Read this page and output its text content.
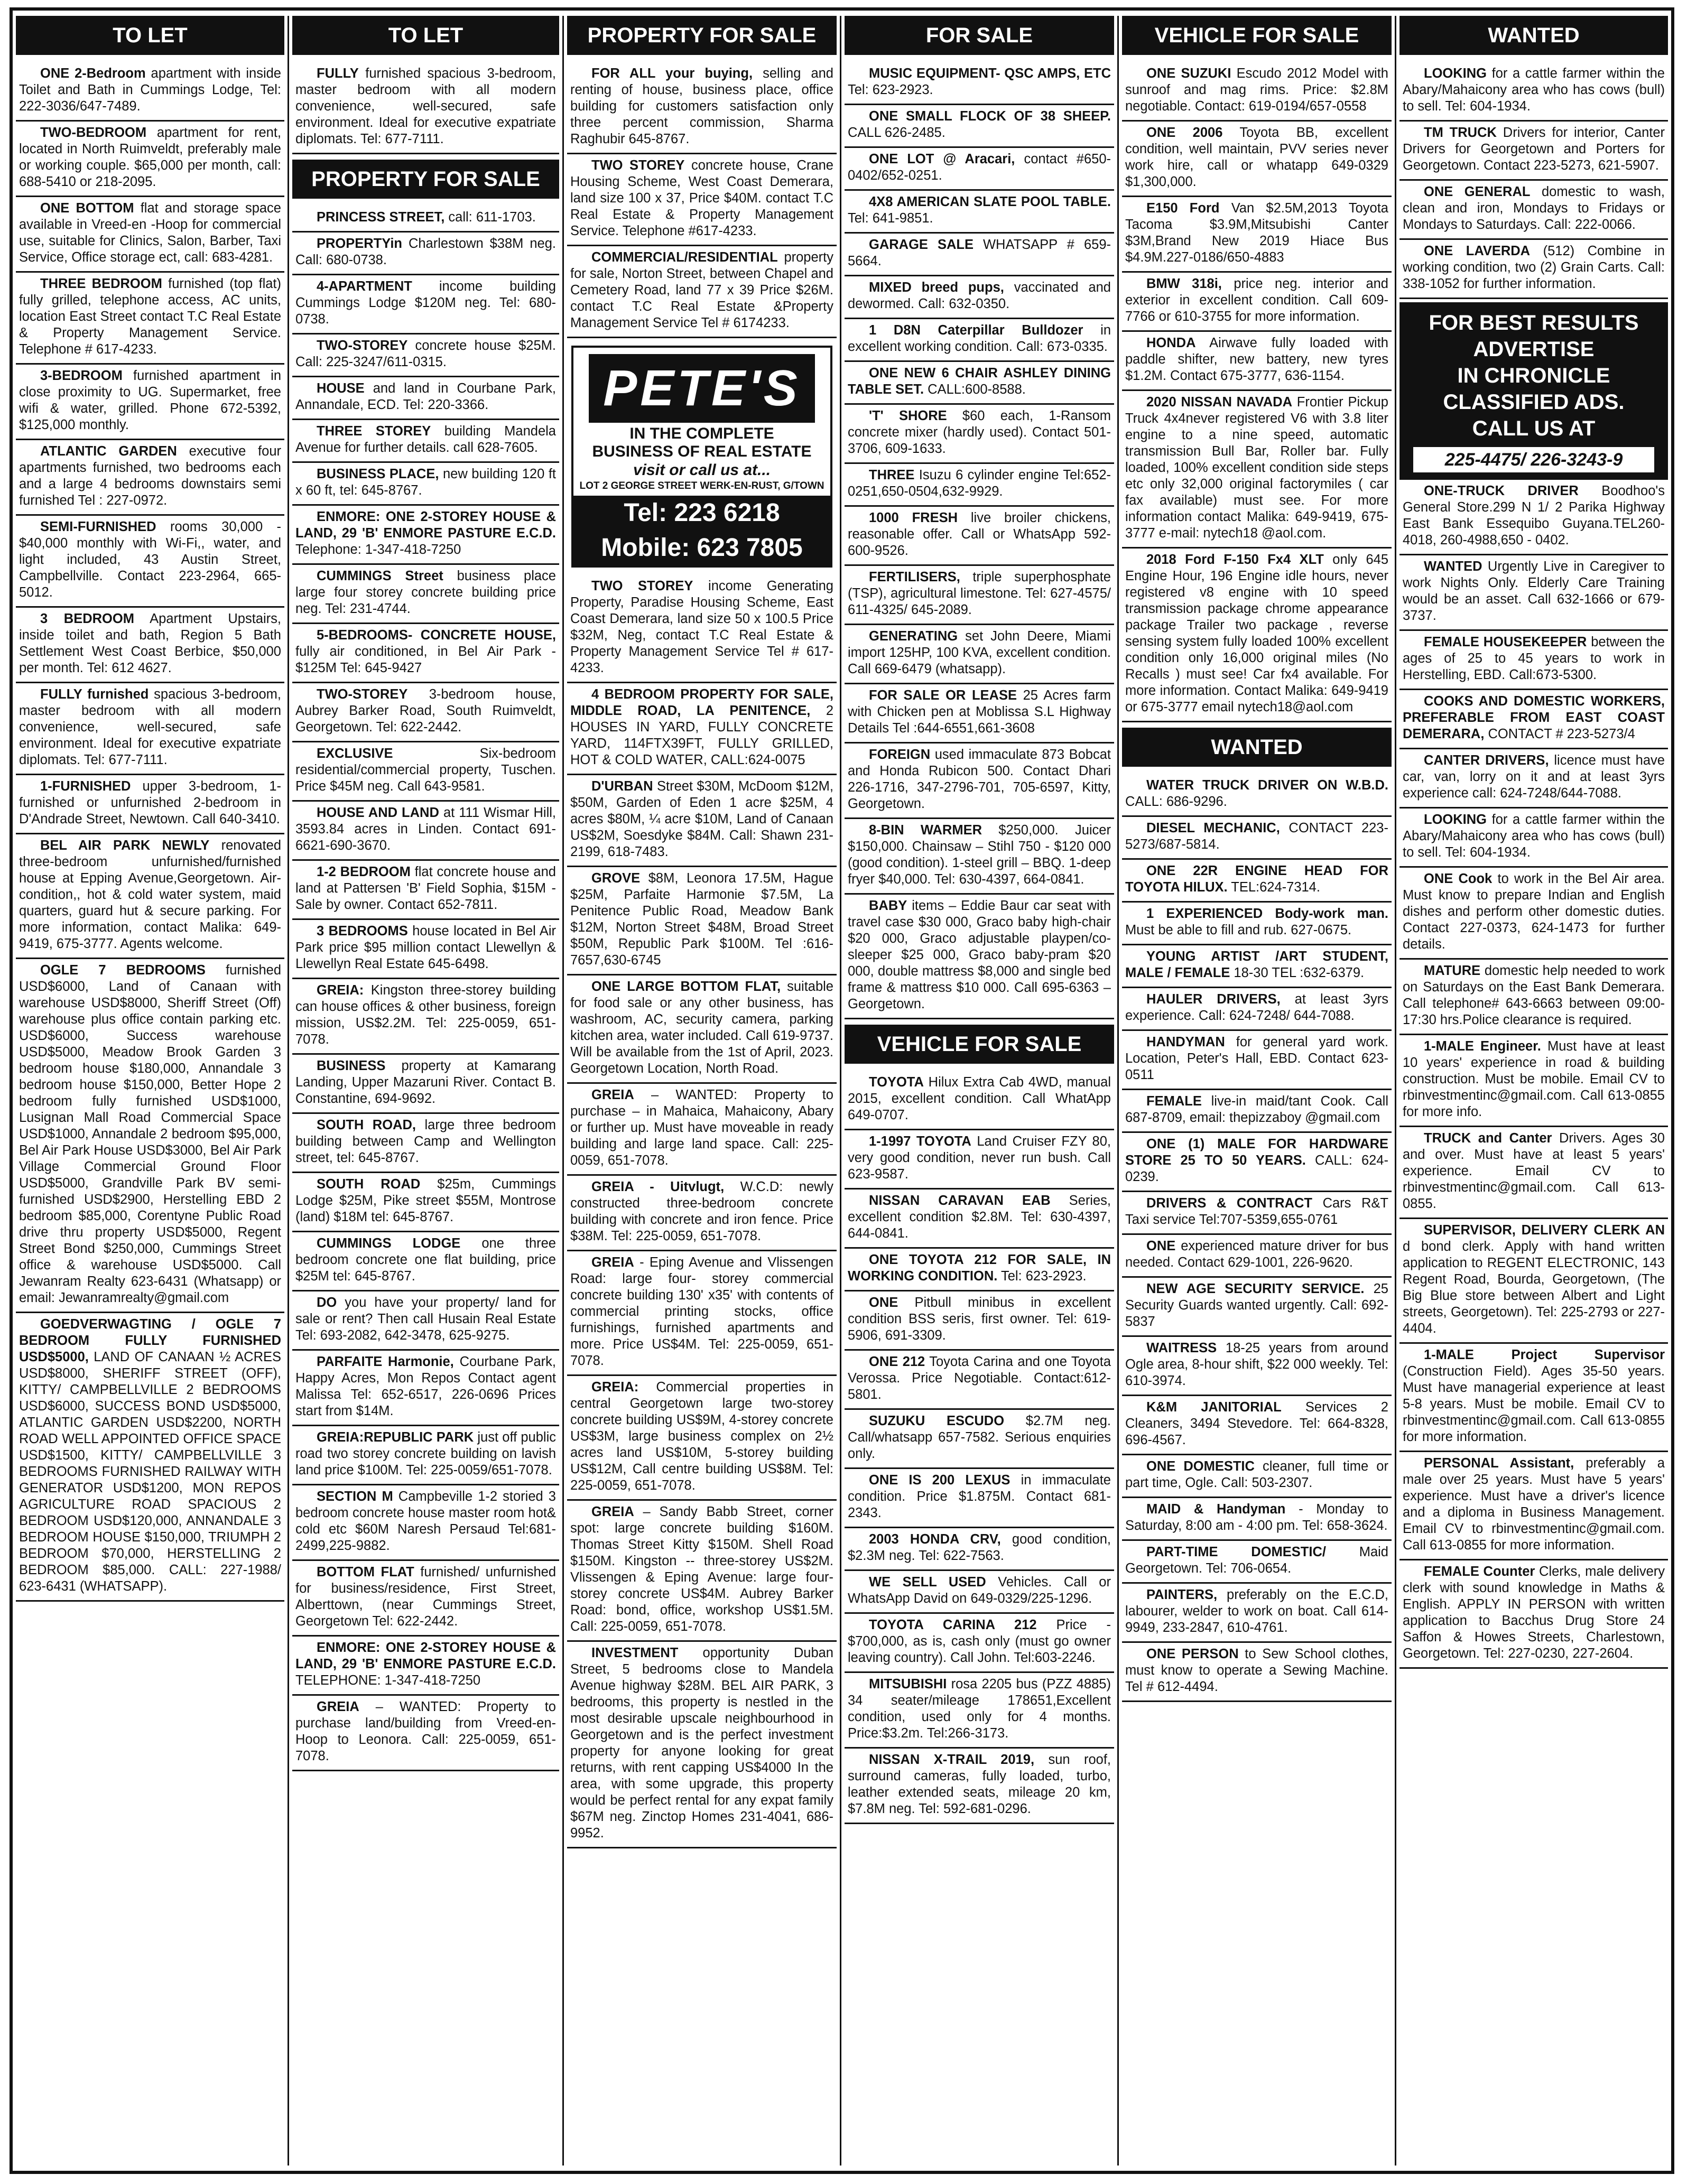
TO LET
ONE 2-Bedroom apartment with inside Toilet and Bath in Cummings Lodge, Tel: 222-3036/647-7489.
TWO-BEDROOM apartment for rent, located in North Ruimveldt, preferably male or working couple. $65,000 per month, call: 688-5410 or 218-2095.
ONE BOTTOM flat and storage space available in Vreed-en -Hoop for commercial use, suitable for Clinics, Salon, Barber, Taxi Service, Office storage ect, call: 683-4281.
THREE BEDROOM furnished (top flat) fully grilled, telephone access, AC units, location East Street contact T.C Real Estate & Property Management Service. Telephone # 617-4233.
3-BEDROOM furnished apartment in close proximity to UG. Supermarket, free wifi & water, grilled. Phone 672-5392, $125,000 monthly.
ATLANTIC GARDEN executive four apartments furnished, two bedrooms each and a large 4 bedrooms downstairs semi furnished Tel : 227-0972.
SEMI-FURNISHED rooms 30,000 - $40,000 monthly with Wi-Fi,, water, and light included, 43 Austin Street, Campbellville. Contact 223-2964, 665-5012.
3 BEDROOM Apartment Upstairs, inside toilet and bath, Region 5 Bath Settlement West Coast Berbice, $50,000 per month. Tel: 612 4627.
FULLY furnished spacious 3-bedroom, master bedroom with all modern convenience, well-secured, safe environment. Ideal for executive expatriate diplomats. Tel: 677-7111.
1-FURNISHED upper 3-bedroom, 1-furnished or unfurnished 2-bedroom in D'Andrade Street, Newtown. Call 640-3410.
BEL AIR PARK NEWLY renovated three-bedroom unfurnished/furnished house at Epping Avenue,Georgetown. Air-condition,, hot & cold water system, maid quarters, guard hut & secure parking. For more information, contact Malika: 649-9419, 675-3777. Agents welcome.
OGLE 7 BEDROOMS furnished USD$6000, Land of Canaan with warehouse USD$8000, Sheriff Street (Off) warehouse plus office contain parking etc. USD$6000, Success warehouse USD$5000, Meadow Brook Garden 3 bedroom house $180,000, Annandale 3 bedroom house $150,000, Better Hope 2 bedroom fully furnished USD$1000, Lusignan Mall Road Commercial Space USD$1000, Annandale 2 bedroom $95,000, Bel Air Park House USD$3000, Bel Air Park Village Commercial Ground Floor USD$5000, Grandville Park BV semi- furnished USD$2900, Herstelling EBD 2 bedroom $85,000, Corentyne Public Road drive thru property USD$5000, Regent Street Bond $250,000, Cummings Street office & warehouse USD$5000. Call Jewanram Realty 623-6431 (Whatsapp) or email: Jewanramrealty@gmail.com
GOEDVERWAGTING / OGLE 7 BEDROOM FULLY FURNISHED USD$5000, LAND OF CANAAN ½ ACRES USD$8000, SHERIFF STREET (OFF), KITTY/ CAMPBELLVILLE 2 BEDROOMS USD$6000, SUCCESS BOND USD$5000, ATLANTIC GARDEN USD$2200, NORTH ROAD WELL APPOINTED OFFICE SPACE USD$1500, KITTY/ CAMPBELLVILLE 3 BEDROOMS FURNISHED RAILWAY WITH GENERATOR USD$1200, MON REPOS AGRICULTURE ROAD SPACIOUS 2 BEDROOM USD$120,000, ANNANDALE 3 BEDROOM HOUSE $150,000, TRIUMPH 2 BEDROOM $70,000, HERSTELLING 2 BEDROOM $85,000. CALL: 227-1988/ 623-6431 (WHATSAPP).
TO LET
FULLY furnished spacious 3-bedroom, master bedroom with all modern convenience, well-secured, safe environment. Ideal for executive expatriate diplomats. Tel: 677-7111.
PROPERTY FOR SALE
PRINCESS STREET, call: 611-1703.
PROPERTYin Charlestown $38M neg. Call: 680-0738.
4-APARTMENT income building Cummings Lodge $120M neg. Tel: 680-0738.
TWO-STOREY concrete house $25M. Call: 225-3247/611-0315.
HOUSE and land in Courbane Park, Annandale, ECD. Tel: 220-3366.
THREE STOREY building Mandela Avenue for further details. call 628-7605.
BUSINESS PLACE, new building 120 ft x 60 ft, tel: 645-8767.
ENMORE: ONE 2-STOREY HOUSE & LAND, 29 'B' ENMORE PASTURE E.C.D. Telephone: 1-347-418-7250
CUMMINGS Street business place large four storey concrete building price neg. Tel: 231-4744.
5-BEDROOMS- CONCRETE HOUSE, fully air conditioned, in Bel Air Park - $125M Tel: 645-9427
TWO-STOREY 3-bedroom house, Aubrey Barker Road, South Ruimveldt, Georgetown. Tel: 622-2442.
EXCLUSIVE	Six-bedroom residential/commercial property, Tuschen. Price $45M neg. Call 643-9581.
HOUSE AND LAND at 111 Wismar Hill, 3593.84 acres in Linden. Contact 691-6621-690-3670.
1-2 BEDROOM flat concrete house and land at Pattersen 'B' Field Sophia, $15M - Sale by owner. Contact 652-7811.
3 BEDROOMS house located in Bel Air Park price $95 million contact Llewellyn & Llewellyn Real Estate 645-6498.
GREIA: Kingston three-storey building can house offices & other business, foreign mission, US$2.2M. Tel: 225-0059, 651-7078.
BUSINESS property at Kamarang Landing, Upper Mazaruni River. Contact B. Constantine, 694-9692.
SOUTH ROAD, large three bedroom building between Camp and Wellington street, tel: 645-8767.
SOUTH ROAD $25m, Cummings Lodge $25M, Pike street $55M, Montrose (land) $18M tel: 645-8767.
CUMMINGS LODGE one three bedroom concrete one flat building, price $25M tel: 645-8767.
DO you have your property/ land for sale or rent? Then call Husain Real Estate Tel: 693-2082, 642-3478, 625-9275.
PARFAITE Harmonie, Courbane Park, Happy Acres, Mon Repos Contact agent Malissa Tel: 652-6517, 226-0696 Prices start from $14M.
GREIA:REPUBLIC PARK just off public road two storey concrete building on lavish land price $100M. Tel: 225-0059/651-7078.
SECTION M Campbeville 1-2 storied 3 bedroom concrete house master room hot& cold etc $60M Naresh Persaud Tel:681-2499,225-9882.
BOTTOM FLAT furnished/ unfurnished for business/residence, First Street, Alberttown, (near Cummings Street, Georgetown Tel: 622-2442.
ENMORE: ONE 2-STOREY HOUSE & LAND, 29 'B' ENMORE PASTURE E.C.D. TELEPHONE: 1-347-418-7250
GREIA – WANTED: Property to purchase land/building from Vreed-en-Hoop to Leonora. Call: 225-0059, 651-7078.
PROPERTY FOR SALE
FOR ALL your buying, selling and renting of house, business place, office building for customers satisfaction only three percent commission, Sharma Raghubir 645-8767.
TWO STOREY concrete house, Crane Housing Scheme, West Coast Demerara, land size 100 x 37, Price $40M. contact T.C Real Estate & Property Management Service. Telephone #617-4233.
COMMERCIAL/RESIDENTIAL property for sale, Norton Street, between Chapel and Cemetery Road, land 77 x 39 Price $26M. contact T.C Real Estate &Property Management Service Tel # 6174233.
PETE'S
IN THE COMPLETE
BUSINESS OF REAL ESTATE
visit or call us at...
LOT 2 GEORGE STREET WERK-EN-RUST, G/TOWN
Tel: 223 6218
Mobile: 623 7805
TWO STOREY income Generating Property, Paradise Housing Scheme, East Coast Demerara, land size 50 x 100.5 Price $32M, Neg, contact T.C Real Estate & Property Management Service Tel # 617-4233.
4 BEDROOM PROPERTY FOR SALE, MIDDLE ROAD, LA PENITENCE, 2 HOUSES IN YARD, FULLY CONCRETE YARD, 114FTX39FT, FULLY GRILLED, HOT & COLD WATER, CALL:624-0075
D'URBAN Street $30M, McDoom $12M, $50M, Garden of Eden 1 acre $25M, 4 acres $80M, ¼ acre $10M, Land of Canaan US$2M, Soesdyke $84M. Call: Shawn 231-2199, 618-7483.
GROVE $8M, Leonora 17.5M, Hague $25M, Parfaite Harmonie $7.5M, La Penitence Public Road, Meadow Bank $12M, Norton Street $48M, Broad Street $50M, Republic Park $100M. Tel :616-7657,630-6745
ONE LARGE BOTTOM FLAT, suitable for food sale or any other business, has washroom, AC, security camera, parking kitchen area, water included. Call 619-9737. Will be available from the 1st of April, 2023. Georgetown Location, North Road.
GREIA – WANTED: Property to purchase – in Mahaica, Mahaicony, Abary or further up. Must have moveable in ready building and large land space. Call: 225-0059, 651-7078.
GREIA - Uitvlugt, W.C.D: newly constructed three-bedroom concrete building with concrete and iron fence. Price $38M. Tel: 225-0059, 651-7078.
GREIA - Eping Avenue and Vlissengen Road: large four- storey commercial concrete building 130' x35' with contents of commercial printing stocks, office furnishings, furnished apartments and more. Price US$4M. Tel: 225-0059, 651-7078.
GREIA: Commercial properties in central Georgetown large two-storey concrete building US$9M, 4-storey concrete US$3M, large business complex on 2½ acres land US$10M, 5-storey building US$12M, Call centre building US$8M. Tel: 225-0059, 651-7078.
GREIA – Sandy Babb Street, corner spot: large concrete building $160M. Thomas Street Kitty $150M. Shell Road $150M. Kingston -- three-storey US$2M. Vlissengen & Eping Avenue: large four- storey concrete US$4M. Aubrey Barker Road: bond, office, workshop US$1.5M. Call: 225-0059, 651-7078.
INVESTMENT opportunity Duban Street, 5 bedrooms close to Mandela Avenue highway $28M. BEL AIR PARK, 3 bedrooms, this property is nestled in the most desirable upscale neighbourhood in Georgetown and is the perfect investment property for anyone looking for great returns, with rent capping US$4000 In the area, with some upgrade, this property would be perfect rental for any expat family $67M neg. Zinctop Homes 231-4041, 686-9952.
FOR SALE
MUSIC EQUIPMENT- QSC AMPS, ETC Tel: 623-2923.
ONE SMALL FLOCK OF 38 SHEEP. CALL 626-2485.
ONE LOT @ Aracari, contact #650-0402/652-0251.
4X8 AMERICAN SLATE POOL TABLE. Tel: 641-9851.
GARAGE SALE WHATSAPP # 659-5664.
MIXED breed pups, vaccinated and dewormed. Call: 632-0350.
1 D8N Caterpillar Bulldozer in excellent working condition. Call: 673-0335.
ONE NEW 6 CHAIR ASHLEY DINING TABLE SET. CALL:600-8588.
'T' SHORE $60 each, 1-Ransom concrete mixer (hardly used). Contact 501-3706, 609-1633.
THREE Isuzu 6 cylinder engine Tel:652-0251,650-0504,632-9929.
1000 FRESH live broiler chickens, reasonable offer. Call or WhatsApp 592-600-9526.
FERTILISERS, triple superphosphate (TSP), agricultural limestone. Tel: 627-4575/ 611-4325/ 645-2089.
GENERATING set John Deere, Miami import 125HP, 100 KVA, excellent condition. Call 669-6479 (whatsapp).
FOR SALE OR LEASE 25 Acres farm with Chicken pen at Moblissa S.L Highway Details Tel :644-6551,661-3608
FOREIGN used immaculate 873 Bobcat and Honda Rubicon 500. Contact Dhari 226-1716, 347-2796-701, 705-6597, Kitty, Georgetown.
8-BIN WARMER $250,000. Juicer $150,000. Chainsaw – Stihl 750 - $120 000 (good condition). 1-steel grill – BBQ. 1-deep fryer $40,000. Tel: 630-4397, 664-0841.
BABY items – Eddie Baur car seat with travel case $30 000, Graco baby high-chair $20 000, Graco adjustable playpen/co-sleeper $25 000, Graco baby-pram $20 000, double mattress $8,000 and single bed frame & mattress $10 000. Call 695-6363 – Georgetown.
VEHICLE FOR SALE
TOYOTA Hilux Extra Cab 4WD, manual 2015, excellent condition. Call WhatApp 649-0707.
1-1997 TOYOTA Land Cruiser FZY 80, very good condition, never run bush. Call 623-9587.
NISSAN CARAVAN EAB Series, excellent condition $2.8M. Tel: 630-4397, 644-0841.
ONE TOYOTA 212 FOR SALE, IN WORKING CONDITION. Tel: 623-2923.
ONE Pitbull minibus in excellent condition BSS seris, first owner. Tel: 619-5906, 691-3309.
ONE 212 Toyota Carina and one Toyota Verossa. Price Negotiable. Contact:612-5801.
SUZUKU ESCUDO $2.7M neg. Call/whatsapp 657-7582. Serious enquiries only.
ONE IS 200 LEXUS in immaculate condition. Price $1.875M. Contact 681-2343.
2003 HONDA CRV, good condition, $2.3M neg. Tel: 622-7563.
WE SELL USED Vehicles. Call or WhatsApp David on 649-0329/225-1296.
TOYOTA CARINA 212 Price - $700,000, as is, cash only (must go owner leaving country). Call John. Tel:603-2246.
MITSUBISHI rosa 2205 bus (PZZ 4885) 34 seater/mileage 178651,Excellent condition, used only for 4 months. Price:$3.2m. Tel:266-3173.
NISSAN X-TRAIL 2019, sun roof, surround cameras, fully loaded, turbo, leather extended seats, mileage 20 km, $7.8M neg. Tel: 592-681-0296.
VEHICLE FOR SALE
ONE SUZUKI Escudo 2012 Model with sunroof and mag rims. Price: $2.8M negotiable. Contact: 619-0194/657-0558
ONE 2006 Toyota BB, excellent condition, well maintain, PVV series never work hire, call or whatapp 649-0329 $1,300,000.
E150 Ford Van $2.5M,2013 Toyota Tacoma $3.9M,Mitsubishi Canter $3M,Brand New 2019 Hiace Bus $4.9M.227-0186/650-4883
BMW 318i, price neg. interior and exterior in excellent condition. Call 609-7766 or 610-3755 for more information.
HONDA Airwave fully loaded with paddle shifter, new battery, new tyres $1.2M. Contact 675-3777, 636-1154.
2020 NISSAN NAVADA Frontier Pickup Truck 4x4never registered V6 with 3.8 liter engine to a nine speed, automatic transmission Bull Bar, Roller bar. Fully loaded, 100% excellent condition side steps etc only 32,000 original factorymiles ( car fax available) must see. For more information contact Malika: 649-9419, 675-3777 e-mail: nytech18 @aol.com.
2018 Ford F-150 Fx4 XLT only 645 Engine Hour, 196 Engine idle hours, never registered v8 engine with 10 speed transmission package chrome appearance package Trailer two package , reverse sensing system fully loaded 100% excellent condition only 16,000 original miles (No Recalls ) must see! Car fx4 available. For more information. Contact Malika: 649-9419 or 675-3777 email nytech18@aol.com
WANTED
WATER TRUCK DRIVER ON W.B.D. CALL: 686-9296.
DIESEL MECHANIC, CONTACT 223-5273/687-5814.
ONE 22R ENGINE HEAD FOR TOYOTA HILUX. TEL:624-7314.
1 EXPERIENCED Body-work man. Must be able to fill and rub. 627-0675.
YOUNG ARTIST /ART STUDENT, MALE / FEMALE 18-30 TEL :632-6379.
HAULER DRIVERS, at least 3yrs experience. Call: 624-7248/ 644-7088.
HANDYMAN for general yard work. Location, Peter's Hall, EBD. Contact 623-0511
FEMALE live-in maid/tant Cook. Call 687-8709, email: thepizzaboy @gmail.com
ONE (1) MALE FOR HARDWARE STORE 25 TO 50 YEARS. CALL: 624-0239.
DRIVERS & CONTRACT Cars R&T Taxi service Tel:707-5359,655-0761
ONE experienced mature driver for bus needed. Contact 629-1001, 226-9620.
NEW AGE SECURITY SERVICE. 25 Security Guards wanted urgently. Call: 692-5837
WAITRESS 18-25 years from around Ogle area, 8-hour shift, $22 000 weekly. Tel: 610-3974.
K&M JANITORIAL Services 2 Cleaners, 3494 Stevedore. Tel: 664-8328, 696-4567.
ONE DOMESTIC cleaner, full time or part time, Ogle. Call: 503-2307.
MAID & Handyman - Monday to Saturday, 8:00 am - 4:00 pm. Tel: 658-3624.
PART-TIME DOMESTIC/ Maid Georgetown. Tel: 706-0654.
PAINTERS, preferably on the E.C.D, labourer, welder to work on boat. Call 614-9949, 233-2847, 610-4761.
ONE PERSON to Sew School clothes, must know to operate a Sewing Machine. Tel # 612-4494.
WANTED
LOOKING for a cattle farmer within the Abary/Mahaicony area who has cows (bull) to sell. Tel: 604-1934.
TM TRUCK Drivers for interior, Canter Drivers for Georgetown and Porters for Georgetown. Contact 223-5273, 621-5907.
ONE GENERAL domestic to wash, clean and iron, Mondays to Fridays or Mondays to Saturdays. Call: 222-0066.
ONE LAVERDA (512) Combine in working condition, two (2) Grain Carts. Call: 338-1052 for further information.
FOR BEST RESULTS
ADVERTISE
IN CHRONICLE
CLASSIFIED ADS.
CALL US AT
225-4475/ 226-3243-9
ONE-TRUCK DRIVER Boodhoo's General Store.299 N 1/ 2 Parika Highway East Bank Essequibo Guyana.TEL260-4018, 260-4988,650 - 0402.
WANTED Urgently Live in Caregiver to work Nights Only. Elderly Care Training would be an asset. Call 632-1666 or 679-3737.
FEMALE HOUSEKEEPER between the ages of 25 to 45 years to work in Herstelling, EBD. Call:673-5300.
COOKS AND DOMESTIC WORKERS, PREFERABLE FROM EAST COAST DEMERARA, CONTACT # 223-5273/4
CANTER DRIVERS, licence must have car, van, lorry on it and at least 3yrs experience call: 624-7248/644-7088.
LOOKING for a cattle farmer within the Abary/Mahaicony area who has cows (bull) to sell. Tel: 604-1934.
ONE Cook to work in the Bel Air area. Must know to prepare Indian and English dishes and perform other domestic duties. Contact 227-0373, 624-1473 for further details.
MATURE domestic help needed to work on Saturdays on the East Bank Demerara. Call telephone# 643-6663 between 09:00- 17:30 hrs.Police clearance is required.
1-MALE Engineer. Must have at least 10 years' experience in road & building construction. Must be mobile. Email CV to rbinvestmentinc@gmail.com. Call 613-0855 for more info.
TRUCK and Canter Drivers. Ages 30 and over. Must have at least 5 years' experience. Email CV to rbinvestmentinc@gmail.com. Call 613-0855.
SUPERVISOR, DELIVERY CLERK AN d bond clerk. Apply with hand written application to REGENT ELECTRONIC, 143 Regent Road, Bourda, Georgetown, (The Big Blue store between Albert and Light streets, Georgetown). Tel: 225-2793 or 227-4404.
1-MALE Project Supervisor (Construction Field). Ages 35-50 years. Must have managerial experience at least 5-8 years. Must be mobile. Email CV to rbinvestmentinc@gmail.com. Call 613-0855 for more information.
PERSONAL Assistant, preferably a male over 25 years. Must have 5 years' experience. Must have a driver's licence and a diploma in Business Management. Email CV to rbinvestmentinc@gmail.com. Call 613-0855 for more information.
FEMALE Counter Clerks, male delivery clerk with sound knowledge in Maths & English. APPLY IN PERSON with written application to Bacchus Drug Store 24 Saffon & Howes Streets, Charlestown, Georgetown. Tel: 227-0230, 227-2604.
